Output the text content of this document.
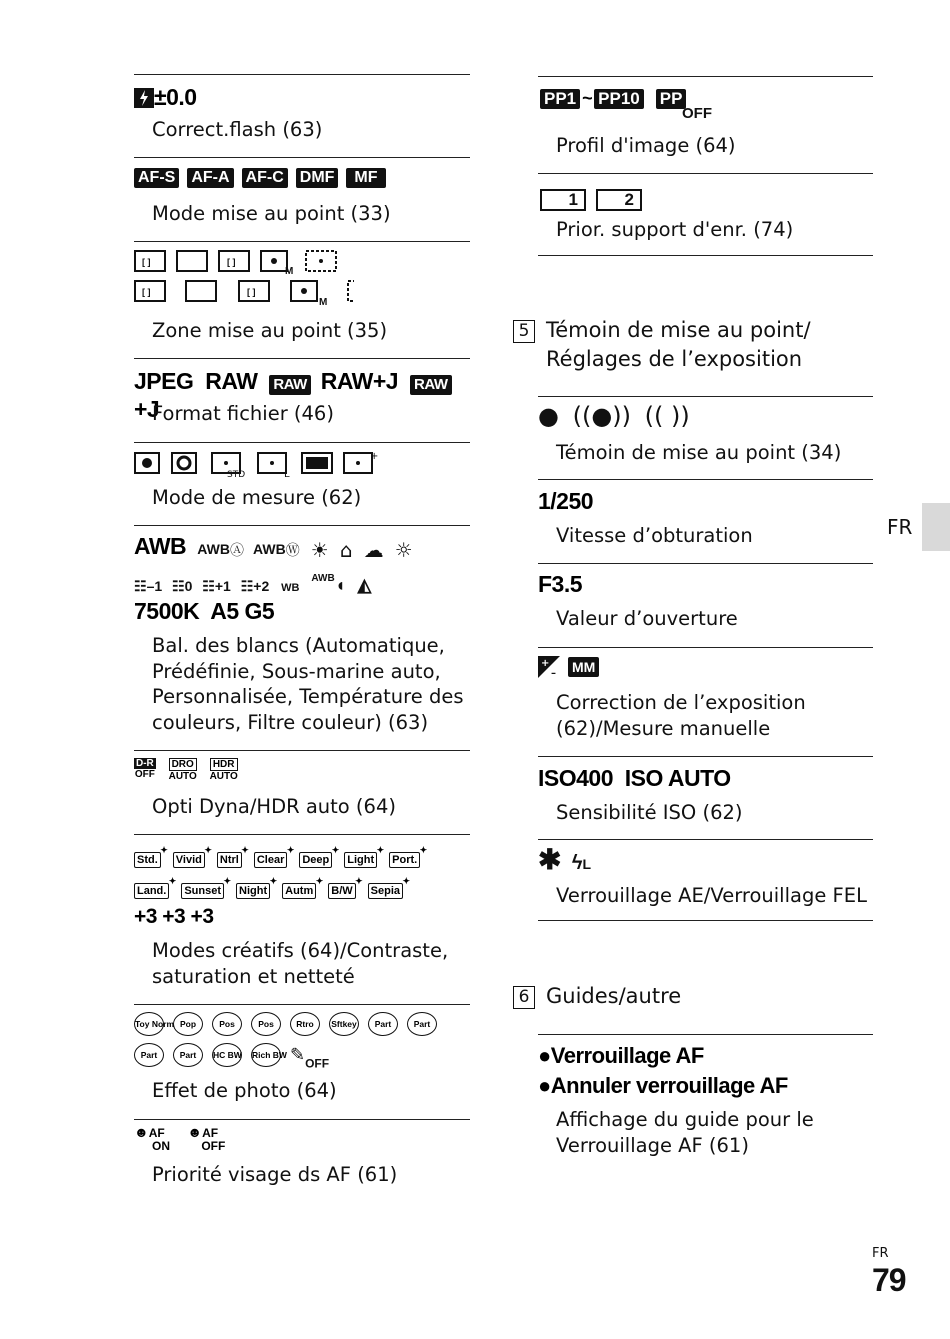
±0.0
Correct.flash (63)
AF-S AF-A AF-C DMF MF
Mode mise au point (33)
[ ]	[ ]
M
[ ]	[ ]
M
Zone mise au point (35)
JPEG RAW RAW RAW+J RAW+J
Format fichier (46)
STD	L
+
Mode de mesure (62)
AWB AWBⒶ AWBⓌ ☀ ⌂ ☁ ☼
☷–1 ☷0 ☷+1 ☷+2 WB $^{AWB}$◖ ◭
7500K  A5 G5
Bal. des blancs (Automatique,
Prédéfinie, Sous-marine auto,
Personnalisée, Température des
couleurs, Filtre couleur) (63)
D-R
OFF

DRO
AUTO

HDR
AUTO
Opti Dyna/HDR auto (64)
Std. ✦ Vivid ✦ Ntrl ✦ Clear ✦ Deep ✦ Light ✦ Port. ✦
Land. ✦ Sunset ✦ Night ✦ Autm ✦ B/W ✦ Sepia ✦
+3 +3 +3
Modes créatifs (64)/Contraste,
saturation et netteté
Toy Norm Pop	Pos	Pos	Rtro Sftkey Part	Part
Part	Part HC BW Rich BW $✎_{OFF}$
Effet de photo (64)
☻AF
ON ☻AF
OFF
Priorité visage ds AF (61)
PP1 ~ PP10 PP
OFF
Profil d'image (64)
1	2
Prior. support d'enr. (74)
● ((●)) (( ))
Témoin de mise au point (34)
1/250
Vitesse d’obturation
F3.5
Valeur d’ouverture
+
– MM
Correction de l’exposition
(62)/Mesure manuelle
ISO400  ISO AUTO
Sensibilité ISO (62)
✱ ϟL
Verrouillage AE/Verrouillage FEL
●Verrouillage AF
●Annuler verrouillage AF
Affichage du guide pour le
Verrouillage AF (61)
5 Témoin de mise au point/
Réglages de l’exposition
6 Guides/autre
FR
FR
79
